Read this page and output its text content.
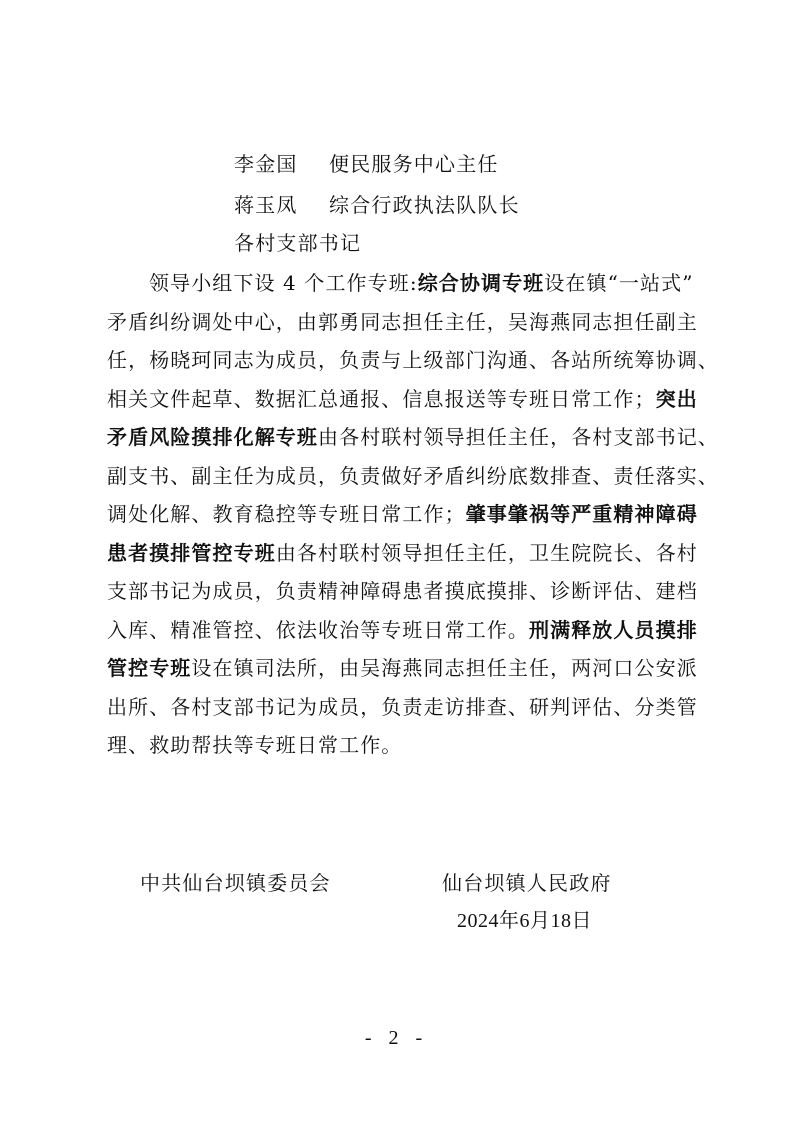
李金国 便民服务中心主任
蒋玉凤 综合行政执法队队长
各村支部书记
领导小组下设 4 个工作专班:综合协调专班设在镇“一站式”
矛盾纠纷调处中心，由郭勇同志担任主任，吴海燕同志担任副主
任，杨晓珂同志为成员，负责与上级部门沟通、各站所统筹协调、
相关文件起草、数据汇总通报、信息报送等专班日常工作；突出
矛盾风险摸排化解专班由各村联村领导担任主任，各村支部书记、
副支书、副主任为成员，负责做好矛盾纠纷底数排查、责任落实、
调处化解、教育稳控等专班日常工作；肇事肇祸等严重精神障碍
患者摸排管控专班由各村联村领导担任主任，卫生院院长、各村
支部书记为成员，负责精神障碍患者摸底摸排、诊断评估、建档
入库、精准管控、依法收治等专班日常工作。刑满释放人员摸排
管控专班设在镇司法所，由吴海燕同志担任主任，两河口公安派
出所、各村支部书记为成员，负责走访排查、研判评估、分类管
理、救助帮扶等专班日常工作。
中共仙台坝镇委员会	仙台坝镇人民政府
2024年6月18日
- 2 -
